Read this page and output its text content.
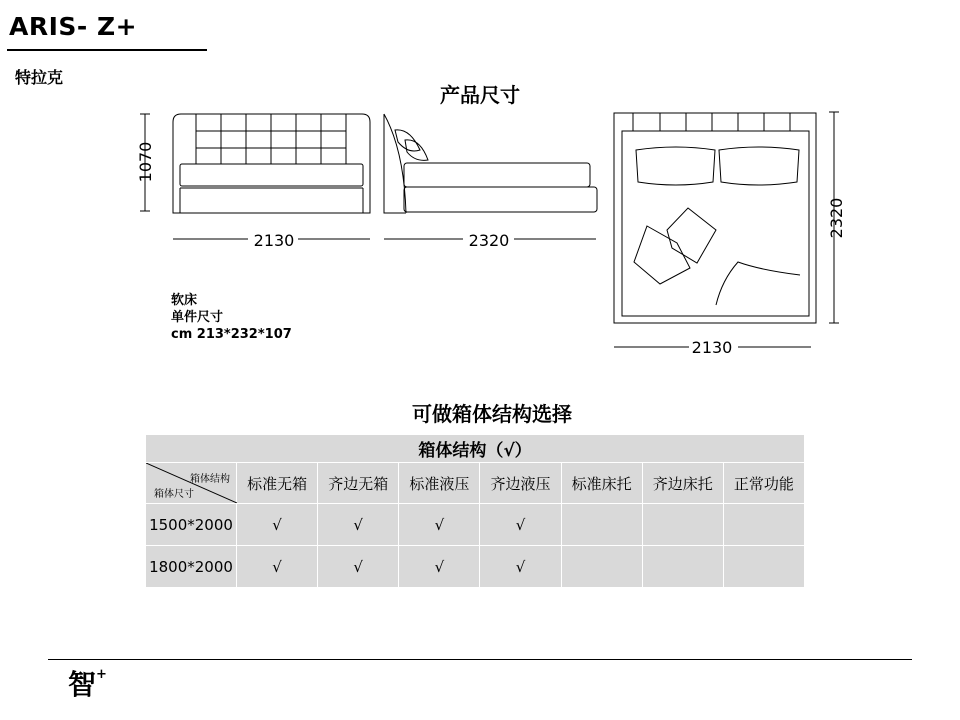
ARIS- Z+
特拉克
产品尺寸
1070
2130	2320
2320
2130
软床
单件尺寸
cm 213*232*107
可做箱体结构选择
箱体结构（√）							

箱体结构
箱体尺寸	标准无箱	齐边无箱	标准液压	齐边液压	标准床托	齐边床托	正常功能
1500*2000	√	√	√	√			
1800*2000	√	√	√	√			
智+
